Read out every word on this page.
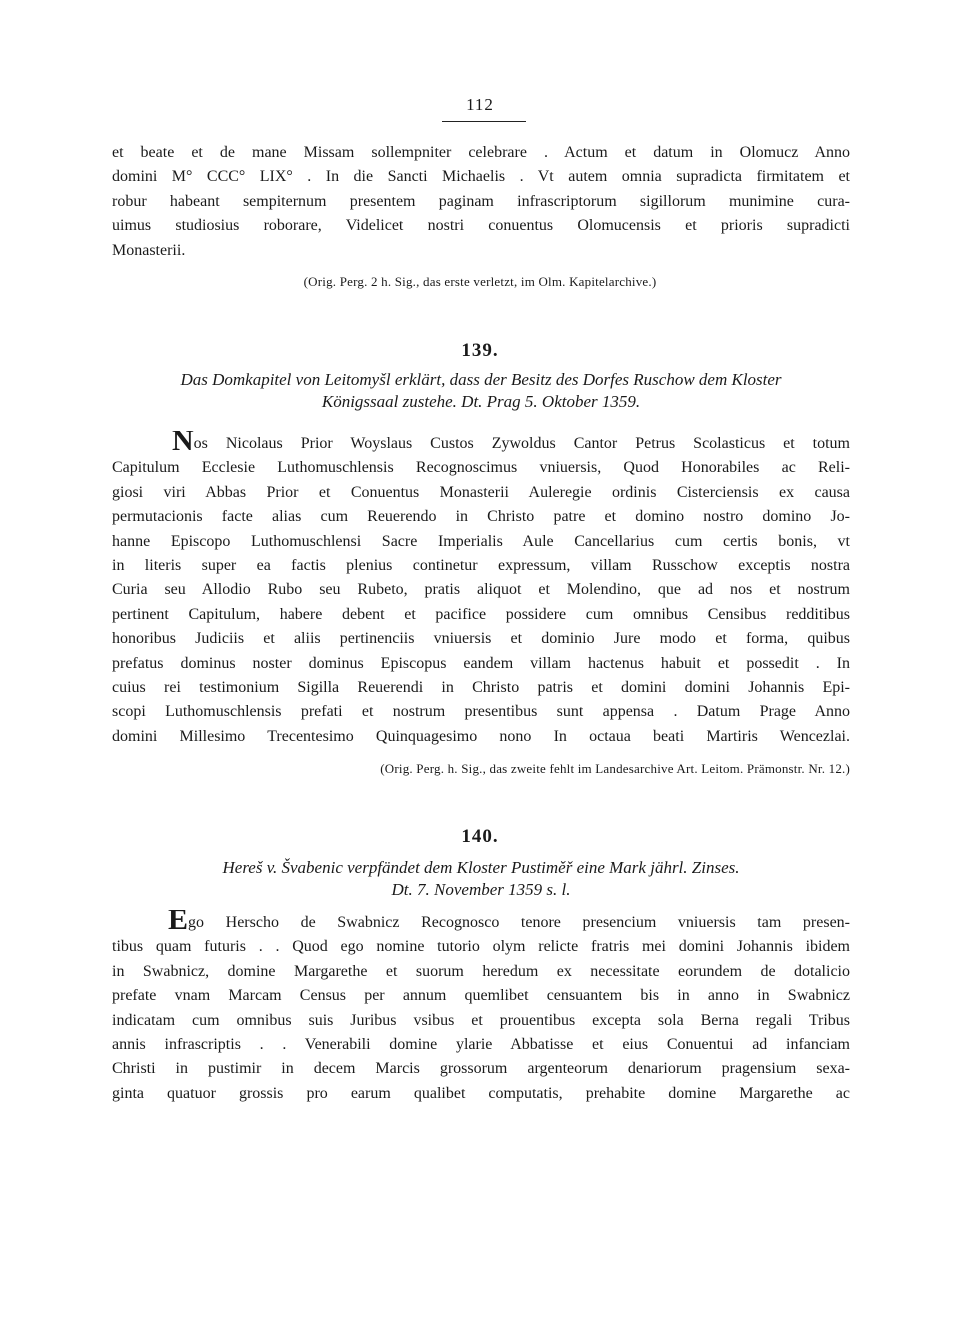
112
et beate et de mane Missam sollempniter celebrare . Actum et datum in Olomucz Anno
domini M° CCC° LIX° . In die Sancti Michaelis . Vt autem omnia supradicta firmitatem et
robur habeant sempiternum presentem paginam infrascriptorum sigillorum munimine cura-
uimus studiosius roborare, Videlicet nostri conuentus Olomucensis et prioris supradicti
Monasterii.
(Orig. Perg. 2 h. Sig., das erste verletzt, im Olm. Kapitelarchive.)
139.
Das Domkapitel von Leitomyšl erklärt, dass der Besitz des Dorfes Ruschow dem Kloster
Königssaal zustehe. Dt. Prag 5. Oktober 1359.
Nos Nicolaus Prior Woyslaus Custos Zywoldus Cantor Petrus Scolasticus et totum
Capitulum Ecclesie Luthomuschlensis Recognoscimus vniuersis, Quod Honorabiles ac Reli-
giosi viri Abbas Prior et Conuentus Monasterii Auleregie ordinis Cisterciensis ex causa
permutacionis facte alias cum Reuerendo in Christo patre et domino nostro domino Jo-
hanne Episcopo Luthomuschlensi Sacre Imperialis Aule Cancellarius cum certis bonis, vt
in literis super ea factis plenius continetur expressum, villam Russchow exceptis nostra
Curia seu Allodio Rubo seu Rubeto, pratis aliquot et Molendino, que ad nos et nostrum
pertinent Capitulum, habere debent et pacifice possidere cum omnibus Censibus redditibus
honoribus Judiciis et aliis pertinenciis vniuersis et dominio Jure modo et forma, quibus
prefatus dominus noster dominus Episcopus eandem villam hactenus habuit et possedit . In
cuius rei testimonium Sigilla Reuerendi in Christo patris et domini domini Johannis Epi-
scopi Luthomuschlensis prefati et nostrum presentibus sunt appensa . Datum Prage Anno
domini Millesimo Trecentesimo Quinquagesimo nono In octaua beati Martiris Wencezlai.
(Orig. Perg. h. Sig., das zweite fehlt im Landesarchive Art. Leitom. Prämonstr. Nr. 12.)
140.
Hereš v. Švabenic verpfändet dem Kloster Pustiměř eine Mark jährl. Zinses.
Dt. 7. November 1359 s. l.
Ego Herscho de Swabnicz Recognosco tenore presencium vniuersis tam presen-
tibus quam futuris . . Quod ego nomine tutorio olym relicte fratris mei domini Johannis ibidem
in Swabnicz, domine Margarethe et suorum heredum ex necessitate eorundem de dotalicio
prefate vnam Marcam Census per annum quemlibet censuantem bis in anno in Swabnicz
indicatam cum omnibus suis Juribus vsibus et prouentibus excepta sola Berna regali Tribus
annis infrascriptis . . Venerabili domine ylarie Abbatisse et eius Conuentui ad infanciam
Christi in pustimir in decem Marcis grossorum argenteorum denariorum pragensium sexa-
ginta quatuor grossis pro earum qualibet computatis, prehabite domine Margarethe ac
